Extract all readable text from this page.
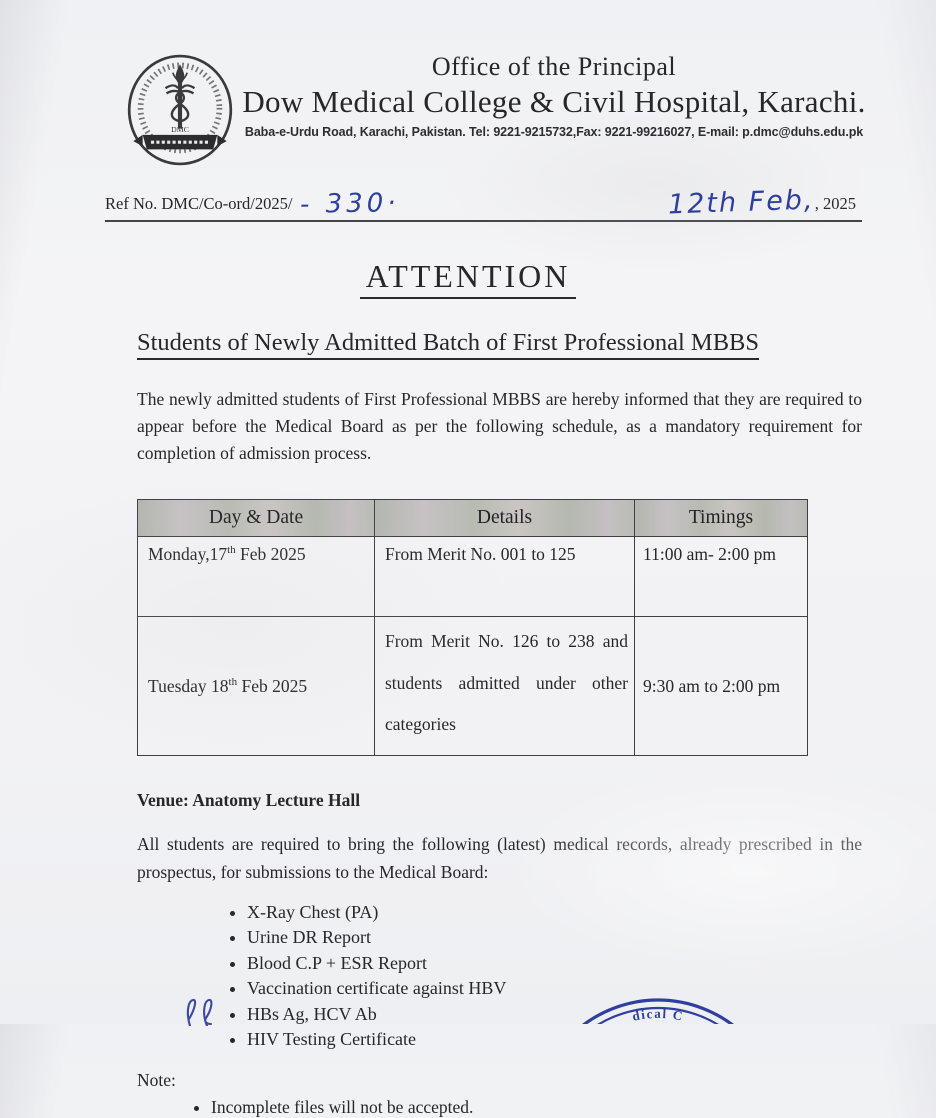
DMC
Office of the Principal
Dow Medical College & Civil Hospital, Karachi.
Baba-e-Urdu Road, Karachi, Pakistan. Tel: 9221-9215732,Fax: 9221-99216027, E-mail: p.dmc@duhs.edu.pk
Ref No. DMC/Co-ord/2025/ - 330·	12th Feb,, 2025
ATTENTION
Students of Newly Admitted Batch of First Professional MBBS

The newly admitted students of First Professional MBBS are hereby informed that they are required to appear before the Medical Board as per the following schedule, as a mandatory requirement for completion of admission process.

Day & Date	Details	Timings
Monday,17th Feb 2025	From Merit No. 001 to 125	11:00 am- 2:00 pm
Tuesday 18th Feb 2025	From Merit No. 126 to 238 and students admitted under other categories	9:30 am to 2:00 pm
Venue: Anatomy Lecture Hall

All students are required to bring the following (latest) medical records, already prescribed in the prospectus, for submissions to the Medical Board:

• X-Ray Chest (PA)
• Urine DR Report
• Blood C.P + ESR Report
• Vaccination certificate against HBV
• HBs Ag, HCV Ab
• HIV Testing Certificate
Note:
• Incomplete files will not be accepted.
dical C
